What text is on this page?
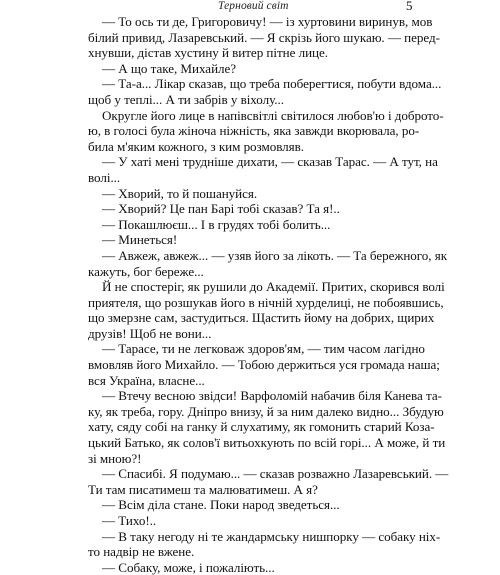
Терновий світ	5
— То ось ти де, Григоровичу! — із хуртовини виринув, мов
білий привид, Лазаревський. — Я скрізь його шукаю. — перед-
хнувши, дістав хустину й витер пітне лице.
— А що таке, Михайле?
— Та-а... Лікар сказав, що треба поберегтися, побути вдома...
щоб у теплі... А ти забрів у віхолу...
Округле його лице в напівсвітлі світилося любов'ю і доброто-
ю, в голосі була жіноча ніжність, яка завжди вкорювала, ро-
била м'яким кожного, з ким розмовляв.
— У хаті мені трудніше дихати, — сказав Тарас. — А тут, на
волі...
— Хворий, то й пошануйся.
— Хворий? Це пан Барі тобі сказав? Та я!..
— Покашлюєш... І в грудях тобі болить...
— Минеться!
— Авжеж, авжеж... — узяв його за лікоть. — Та бережного, як
кажуть, бог береже...
Й не спостеріг, як рушили до Академії. Притих, скорився волі
приятеля, що розшукав його в нічній хурделиці, не побоявшись,
що змерзне сам, застудиться. Щастить йому на добрих, щирих
друзів! Щоб не вони...
— Тарасе, ти не легковаж здоров'ям, — тим часом лагідно
вмовляв його Михайло. — Тобою держиться уся громада наша;
вся Україна, власне...
— Втечу весною звідси! Варфоломій набачив біля Канева та-
ку, як треба, гору. Дніпро внизу, й за ним далеко видно... Збудую
хату, сяду собі на ганку й слухатиму, як гомонить старий Коза-
цький Батько, як солов'ї витьохкують по всій горі... А може, й ти
зі мною?!
— Спасибі. Я подумаю... — сказав розважно Лазаревський. —
Ти там писатимеш та малюватимеш. А я?
— Всім діла стане. Поки народ зведеться...
— Тихо!..
— В таку негоду ні те жандармську нишпорку — собаку ніх-
то надвір не вжене.
— Собаку, може, і пожаліють...
